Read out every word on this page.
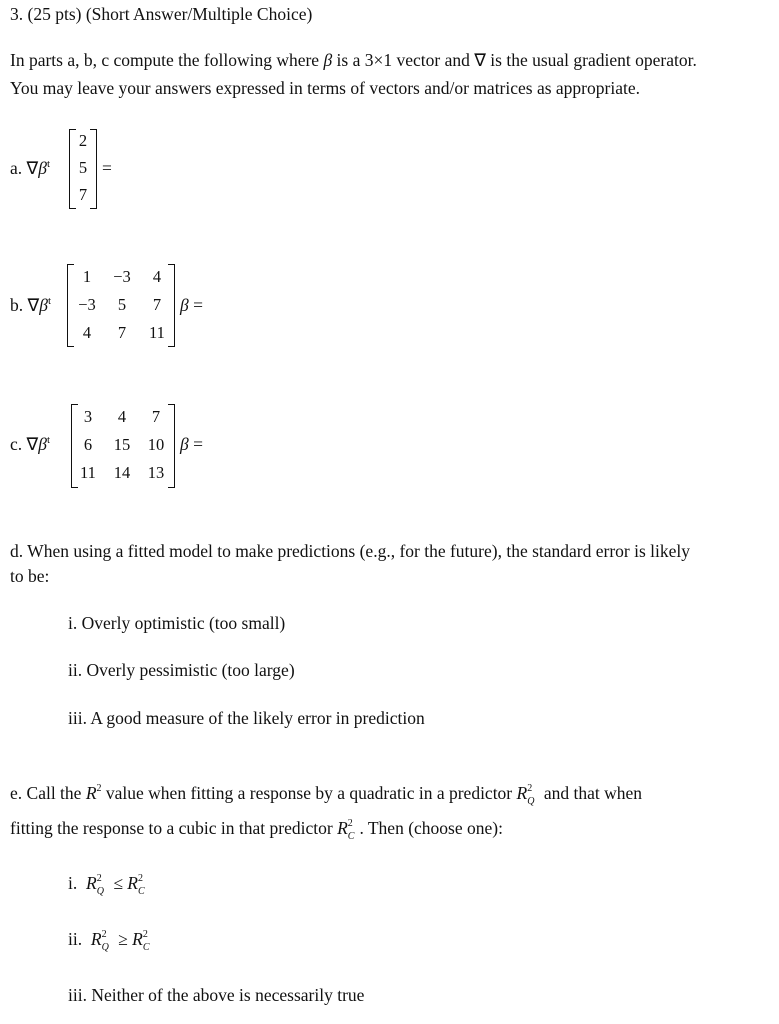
3. (25 pts) (Short Answer/Multiple Choice)
In parts a, b, c compute the following where β is a 3×1 vector and ∇ is the usual gradient operator.
You may leave your answers expressed in terms of vectors and/or matrices as appropriate.
a. $\nabla\beta^t$
2
5
7
=
b. $\nabla\beta^t$
1	−3	4
−3	5	7
4	7	11
β =
c. $\nabla\beta^t$
3	4	7
6	15	10
11	14	13
β =
d. When using a fitted model to make predictions (e.g., for the future), the standard error is likely
to be:
i. Overly optimistic (too small)
ii. Overly pessimistic (too large)
iii. A good measure of the likely error in prediction
e. Call the $R^2$ value when fitting a response by a quadratic in a predictor $R^2_Q$ and that when
fitting the response to a cubic in that predictor $R^2_C$ . Then (choose one):
i. $R^2_Q \le R^2_C$
ii. $R^2_Q \ge R^2_C$
iii. Neither of the above is necessarily true
